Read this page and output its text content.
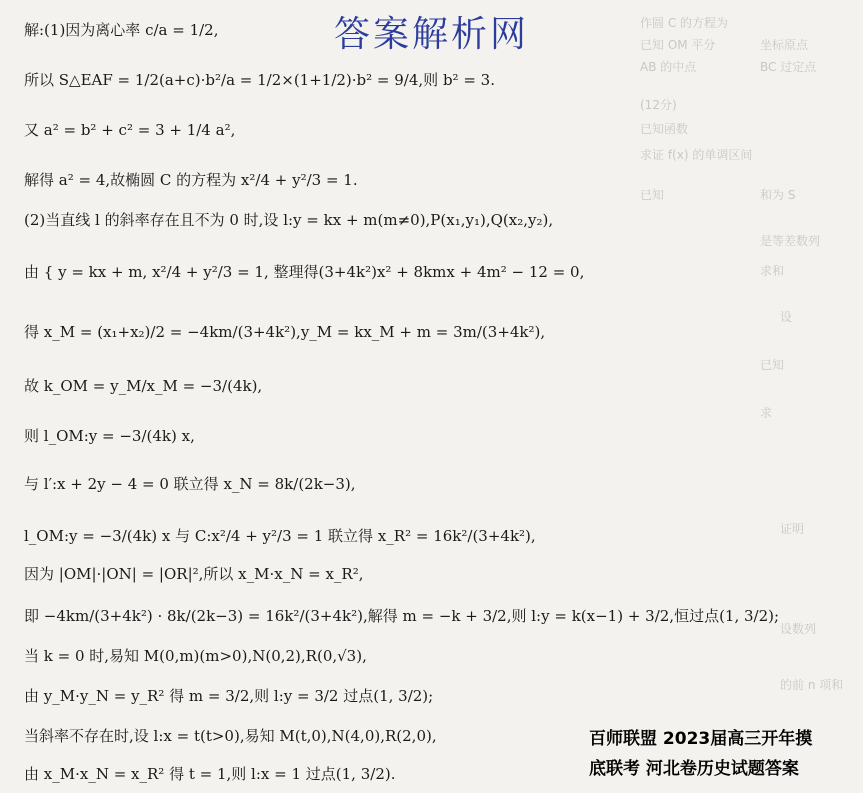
作圆 C 的方程为
已知 OM 平分	坐标原点
AB 的中点	BC 过定点
(12分)
已知函数
求证 f(x) 的单调区间
已知	和为 S
是等差数列
求和
设
已知
求
证明
设数列
的前 n 项和
答案解析网
解:(1)因为离心率 c/a = 1/2,
所以 S△EAF = 1/2(a+c)·b²/a = 1/2×(1+1/2)·b² = 9/4,则 b² = 3.
又 a² = b² + c² = 3 + 1/4 a²,
解得 a² = 4,故椭圆 C 的方程为 x²/4 + y²/3 = 1.
(2)当直线 l 的斜率存在且不为 0 时,设 l:y = kx + m(m≠0),P(x₁,y₁),Q(x₂,y₂),
由 { y = kx + m, x²/4 + y²/3 = 1, 整理得(3+4k²)x² + 8kmx + 4m² − 12 = 0,
得 x_M = (x₁+x₂)/2 = −4km/(3+4k²),y_M = kx_M + m = 3m/(3+4k²),
故 k_OM = y_M/x_M = −3/(4k),
则 l_OM:y = −3/(4k) x,
与 l′:x + 2y − 4 = 0 联立得 x_N = 8k/(2k−3),
l_OM:y = −3/(4k) x 与 C:x²/4 + y²/3 = 1 联立得 x_R² = 16k²/(3+4k²),
因为 |OM|·|ON| = |OR|²,所以 x_M·x_N = x_R²,
即 −4km/(3+4k²) · 8k/(2k−3) = 16k²/(3+4k²),解得 m = −k + 3/2,则 l:y = k(x−1) + 3/2,恒过点(1, 3/2);
当 k = 0 时,易知 M(0,m)(m>0),N(0,2),R(0,√3),
由 y_M·y_N = y_R² 得 m = 3/2,则 l:y = 3/2 过点(1, 3/2);
当斜率不存在时,设 l:x = t(t>0),易知 M(t,0),N(4,0),R(2,0),
由 x_M·x_N = x_R² 得 t = 1,则 l:x = 1 过点(1, 3/2).
百师联盟 2023届高三开年摸
底联考 河北卷历史试题答案
